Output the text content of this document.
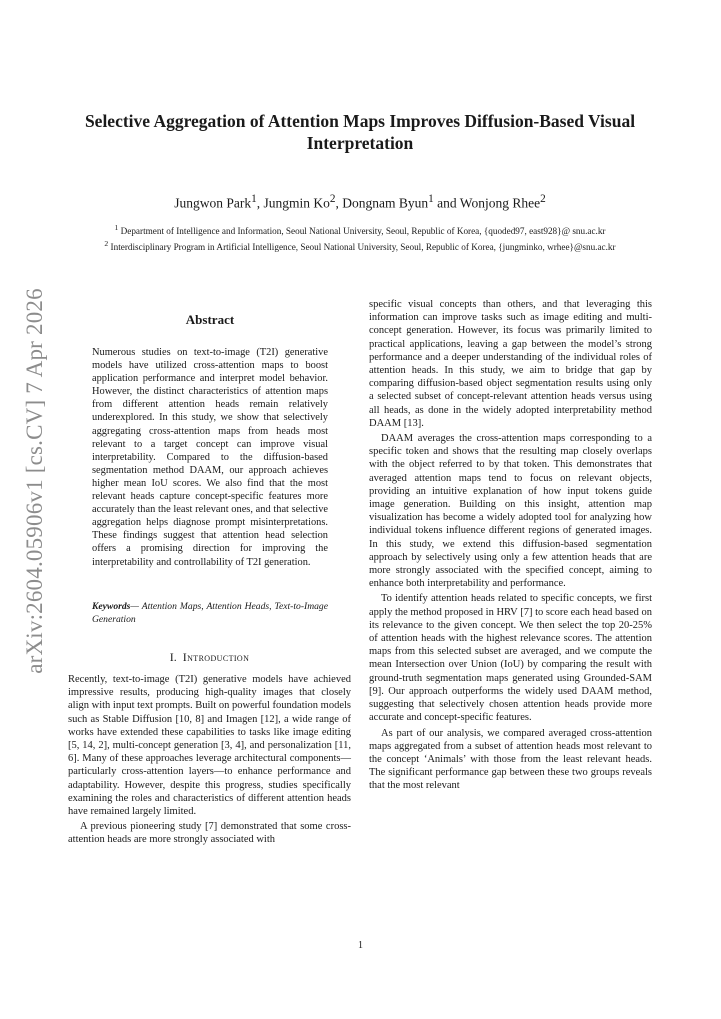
Selective Aggregation of Attention Maps Improves Diffusion-Based Visual Interpretation
Jungwon Park$^1$, Jungmin Ko$^2$, Dongnam Byun$^1$ and Wonjong Rhee$^2$
$^1$ Department of Intelligence and Information, Seoul National University, Seoul, Republic of Korea, {quoded97, east928}@ snu.ac.kr
$^2$ Interdisciplinary Program in Artificial Intelligence, Seoul National University, Seoul, Republic of Korea, {jungminko, wrhee}@snu.ac.kr
arXiv:2604.05906v1 [cs.CV] 7 Apr 2026	Abstract
Numerous studies on text-to-image (T2I) generative models have utilized cross-attention maps to boost application performance and interpret model behavior. However, the distinct characteristics of attention maps from different attention heads remain relatively underexplored. In this study, we show that selectively aggregating cross-attention maps from heads most relevant to a target concept can improve visual interpretability. Compared to the diffusion-based segmentation method DAAM, our approach achieves higher mean IoU scores. We also find that the most relevant heads capture concept-specific features more accurately than the least relevant ones, and that selective aggregation helps diagnose prompt misinterpretations. These findings suggest that attention head selection offers a promising direction for improving the interpretability and controllability of T2I generation.
Keywords— Attention Maps, Attention Heads, Text-to-Image Generation
I. Introduction

Recently, text-to-image (T2I) generative models have achieved impressive results, producing high-quality images that closely align with input text prompts. Built on powerful foundation models such as Stable Diffusion [10, 8] and Imagen [12], a wide range of works have extended these capabilities to tasks like image editing [5, 14, 2], multi-concept generation [3, 4], and personalization [11, 6]. Many of these approaches leverage architectural components—particularly cross-attention layers—to enhance performance and adaptability. However, despite this progress, studies specifically examining the roles and characteristics of different attention heads have remained largely limited.

A previous pioneering study [7] demonstrated that some cross-attention heads are more strongly associated with

specific visual concepts than others, and that leveraging this information can improve tasks such as image editing and multi-concept generation. However, its focus was primarily limited to practical applications, leaving a gap between the model’s strong performance and a deeper understanding of the individual roles of attention heads. In this study, we aim to bridge that gap by comparing diffusion-based object segmentation results using only a selected subset of concept-relevant attention heads versus using all heads, as done in the widely adopted interpretability method DAAM [13].

DAAM averages the cross-attention maps corresponding to a specific token and shows that the resulting map closely overlaps with the object referred to by that token. This demonstrates that averaged attention maps tend to focus on relevant objects, providing an intuitive explanation of how input tokens guide image generation. Building on this insight, attention map visualization has become a widely adopted tool for analyzing how individual tokens influence different regions of generated images. In this study, we extend this diffusion-based segmentation approach by selectively using only a few attention heads that are more strongly associated with the specified concept, aiming to enhance both interpretability and performance.

To identify attention heads related to specific concepts, we first apply the method proposed in HRV [7] to score each head based on its relevance to the given concept. We then select the top 20-25% of attention heads with the highest relevance scores. The attention maps from this selected subset are averaged, and we compute the mean Intersection over Union (IoU) by comparing the result with ground-truth segmentation maps generated using Grounded-SAM [9]. Our approach outperforms the widely used DAAM method, suggesting that selectively chosen attention heads provide more accurate and concept-specific features.

As part of our analysis, we compared averaged cross-attention maps aggregated from a subset of attention heads most relevant to the concept ‘Animals’ with those from the least relevant heads. The significant performance gap between these two groups reveals that the most relevant

1
